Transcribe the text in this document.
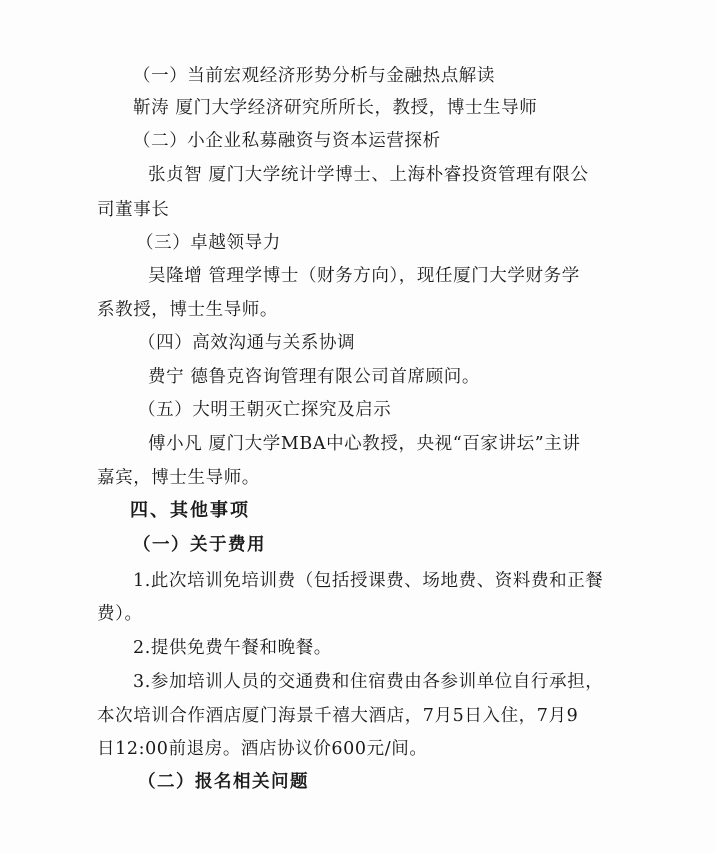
（一）当前宏观经济形势分析与金融热点解读
靳涛 厦门大学经济研究所所长，教授，博士生导师
（二）小企业私募融资与资本运营探析
张贞智 厦门大学统计学博士、上海朴睿投资管理有限公
司董事长
（三）卓越领导力
吴隆增 管理学博士（财务方向），现任厦门大学财务学
系教授，博士生导师。
（四）高效沟通与关系协调
费宁 德鲁克咨询管理有限公司首席顾问。
（五）大明王朝灭亡探究及启示
傅小凡 厦门大学MBA中心教授，央视“百家讲坛”主讲
嘉宾，博士生导师。
四、其他事项
（一）关于费用
1.此次培训免培训费（包括授课费、场地费、资料费和正餐
费）。
2.提供免费午餐和晚餐。
3.参加培训人员的交通费和住宿费由各参训单位自行承担，
本次培训合作酒店厦门海景千禧大酒店，7月5日入住，7月9
日12:00前退房。酒店协议价600元/间。
（二）报名相关问题
